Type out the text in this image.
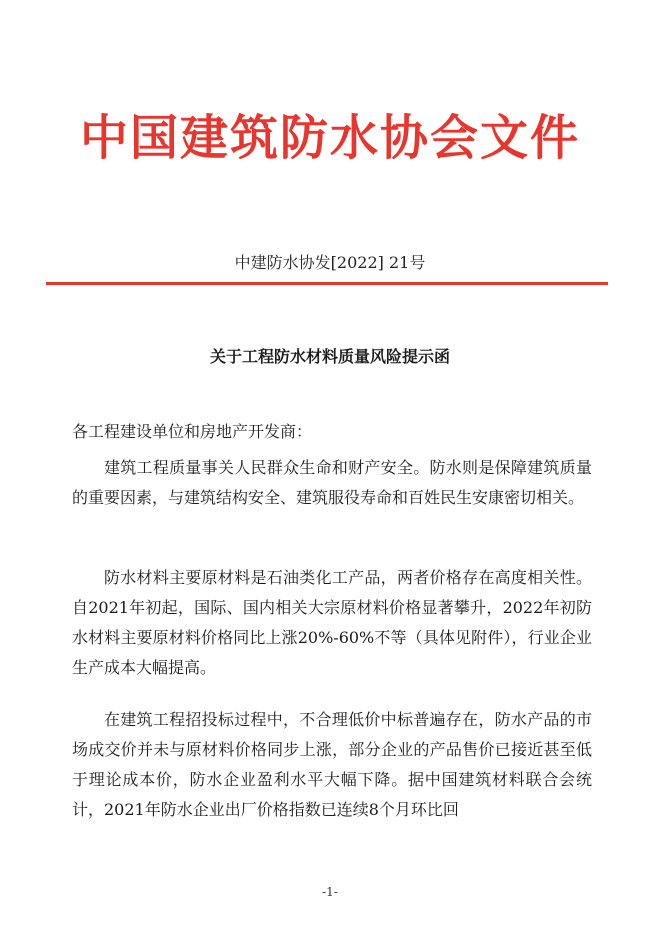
中国建筑防水协会文件
中建防水协发[2022] 21号
关于工程防水材料质量风险提示函
各工程建设单位和房地产开发商：
建筑工程质量事关人民群众生命和财产安全。防水则是保障建筑质量的重要因素，与建筑结构安全、建筑服役寿命和百姓民生安康密切相关。
防水材料主要原材料是石油类化工产品，两者价格存在高度相关性。自2021年初起，国际、国内相关大宗原材料价格显著攀升，2022年初防水材料主要原材料价格同比上涨20%-60%不等（具体见附件），行业企业生产成本大幅提高。
在建筑工程招投标过程中，不合理低价中标普遍存在，防水产品的市场成交价并未与原材料价格同步上涨，部分企业的产品售价已接近甚至低于理论成本价，防水企业盈利水平大幅下降。据中国建筑材料联合会统计，2021年防水企业出厂价格指数已连续8个月环比回
-1-
